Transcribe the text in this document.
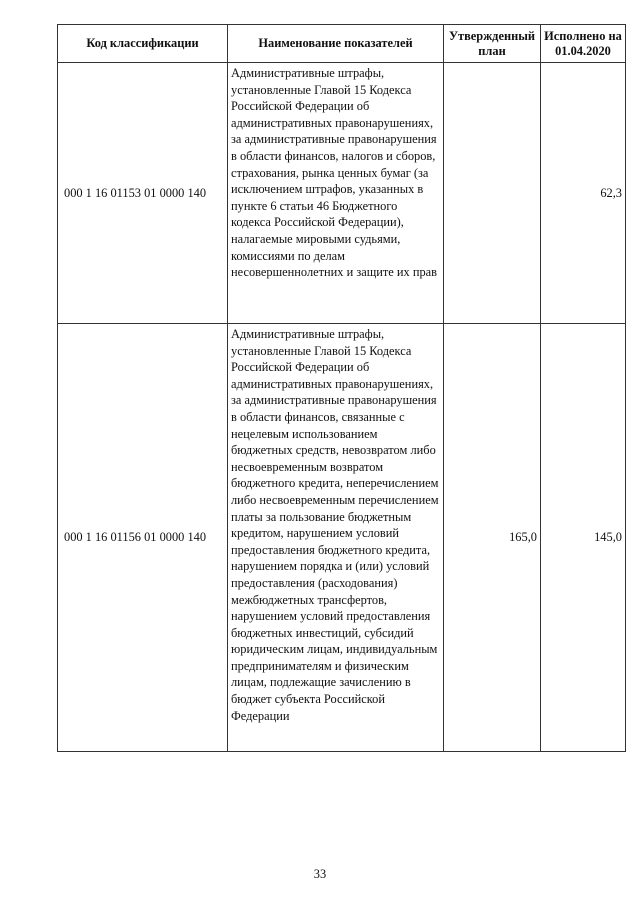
Код классификации	Наименование показателей	Утвержденный план	Исполнено на 01.04.2020
000 1 16 01153 01 0000 140	Административные штрафы, установленные Главой 15 Кодекса Российской Федерации об административных правонарушениях, за административные правонарушения в области финансов, налогов и сборов, страхования, рынка ценных бумаг (за исключением штрафов, указанных в пункте 6 статьи 46 Бюджетного кодекса Российской Федерации), налагаемые мировыми судьями, комиссиями по делам несовершеннолетних и защите их прав		62,3
000 1 16 01156 01 0000 140	Административные штрафы, установленные Главой 15 Кодекса Российской Федерации об административных правонарушениях, за административные правонарушения в области финансов, связанные с нецелевым использованием бюджетных средств, невозвратом либо несвоевременным возвратом бюджетного кредита, неперечислением либо несвоевременным перечислением платы за пользование бюджетным кредитом, нарушением условий предоставления бюджетного кредита, нарушением порядка и (или) условий предоставления (расходования) межбюджетных трансфертов, нарушением условий предоставления бюджетных инвестиций, субсидий юридическим лицам, индивидуальным предпринимателям и физическим лицам, подлежащие зачислению в бюджет субъекта Российской Федерации	165,0	145,0
33
